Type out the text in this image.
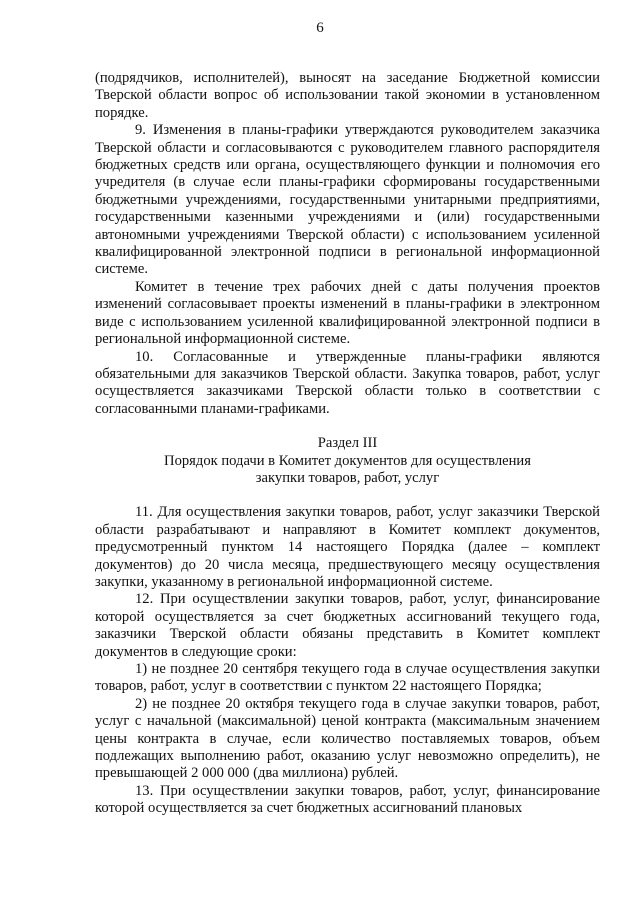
6

(подрядчиков, исполнителей), выносят на заседание Бюджетной комиссии Тверской области вопрос об использовании такой экономии в установленном порядке.

9. Изменения в планы-графики утверждаются руководителем заказчика Тверской области и согласовываются с руководителем главного распорядителя бюджетных средств или органа, осуществляющего функции и полномочия его учредителя (в случае если планы-графики сформированы государственными бюджетными учреждениями, государственными унитарными предприятиями, государственными казенными учреждениями и (или) государственными автономными учреждениями Тверской области) с использованием усиленной квалифицированной электронной подписи в региональной информационной системе.

Комитет в течение трех рабочих дней с даты получения проектов изменений согласовывает проекты изменений в планы-графики в электронном виде с использованием усиленной квалифицированной электронной подписи в региональной информационной системе.

10. Согласованные и утвержденные планы-графики являются обязательными для заказчиков Тверской области. Закупка товаров, работ, услуг осуществляется заказчиками Тверской области только в соответствии с согласованными планами-графиками.

Раздел III

Порядок подачи в Комитет документов для осуществления

закупки товаров, работ, услуг

11. Для осуществления закупки товаров, работ, услуг заказчики Тверской области разрабатывают и направляют в Комитет комплект документов, предусмотренный пунктом 14 настоящего Порядка (далее – комплект документов) до 20 числа месяца, предшествующего месяцу осуществления закупки, указанному в региональной информационной системе.

12. При осуществлении закупки товаров, работ, услуг, финансирование которой осуществляется за счет бюджетных ассигнований текущего года, заказчики Тверской области обязаны представить в Комитет комплект документов в следующие сроки:

1) не позднее 20 сентября текущего года в случае осуществления закупки товаров, работ, услуг в соответствии с пунктом 22 настоящего Порядка;

2) не позднее 20 октября текущего года в случае закупки товаров, работ, услуг с начальной (максимальной) ценой контракта (максимальным значением цены контракта в случае, если количество поставляемых товаров, объем подлежащих выполнению работ, оказанию услуг невозможно определить), не превышающей 2 000 000 (два миллиона) рублей.

13. При осуществлении закупки товаров, работ, услуг, финансирование которой осуществляется за счет бюджетных ассигнований плановых
